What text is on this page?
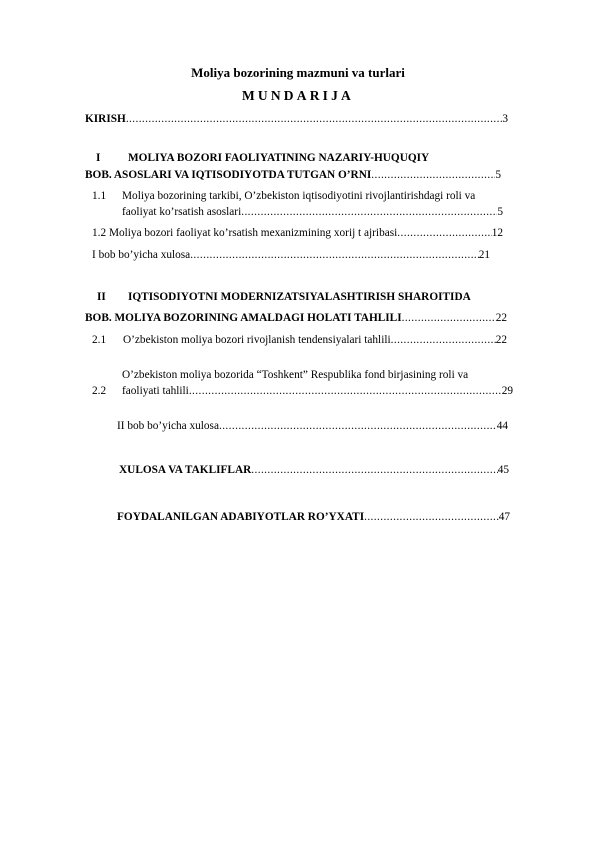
Moliya bozorining mazmuni va turlari
MUNDARIJA
KIRISH .....	3
I MOLIYA BOZORI FAOLIYATINING NAZARIY-HUQUQIY
BOB. ASOSLARI VA IQTISODIYOTDA TUTGAN O’RNI .....	5
1.1 Moliya bozorining tarkibi, O’zbekiston iqtisodiyotini rivojlantirishdagi roli va
faoliyat ko’rsatish asoslari .....	5
1.2 Moliya bozori faoliyat ko’rsatish mexanizmining xorij t ajribasi .....	12
I bob bo’yicha xulosa .....	21
II IQTISODIYOTNI MODERNIZATSIYALASHTIRISH SHAROITIDA
BOB. MOLIYA BOZORINING AMALDAGI HOLATI TAHLILI .....	22
2.1 O’zbekiston moliya bozori rivojlanish tendensiyalari tahlili .....	22
O’zbekiston moliya bozorida “Toshkent” Respublika fond birjasining roli va
2.2 faoliyati tahlili .....	29
II bob bo’yicha xulosa .....	44
XULOSA VA TAKLIFLAR .....	45
FOYDALANILGAN ADABIYOTLAR RO’YXATI .....	47
